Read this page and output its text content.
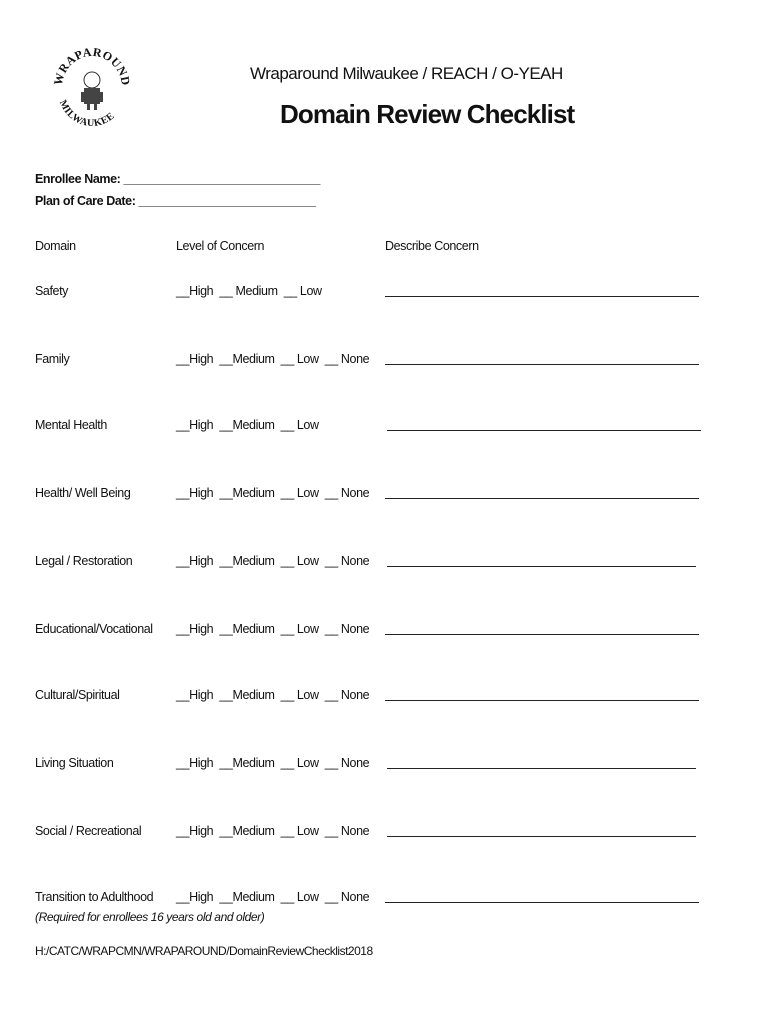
WRAPAROUND
MILWAUKEE
Wraparound Milwaukee / REACH / O-YEAH
Domain Review Checklist
Enrollee Name: ______________________________
Plan of Care Date: ___________________________
Domain	Level of Concern	Describe Concern
Safety	__High  __ Medium  __ Low
Family	__High  __Medium  __ Low  __ None
Mental Health	__High  __Medium  __ Low
Health/ Well Being	__High  __Medium  __ Low  __ None
Legal / Restoration	__High  __Medium  __ Low  __ None
Educational/Vocational __High  __Medium  __ Low  __ None
Cultural/Spiritual	__High  __Medium  __ Low  __ None
Living Situation	__High  __Medium  __ Low  __ None
Social / Recreational	__High  __Medium  __ Low  __ None
Transition to Adulthood __High  __Medium  __ Low  __ None
(Required for enrollees 16 years old and older)
H:/CATC/WRAPCMN/WRAPAROUND/DomainReviewChecklist2018
